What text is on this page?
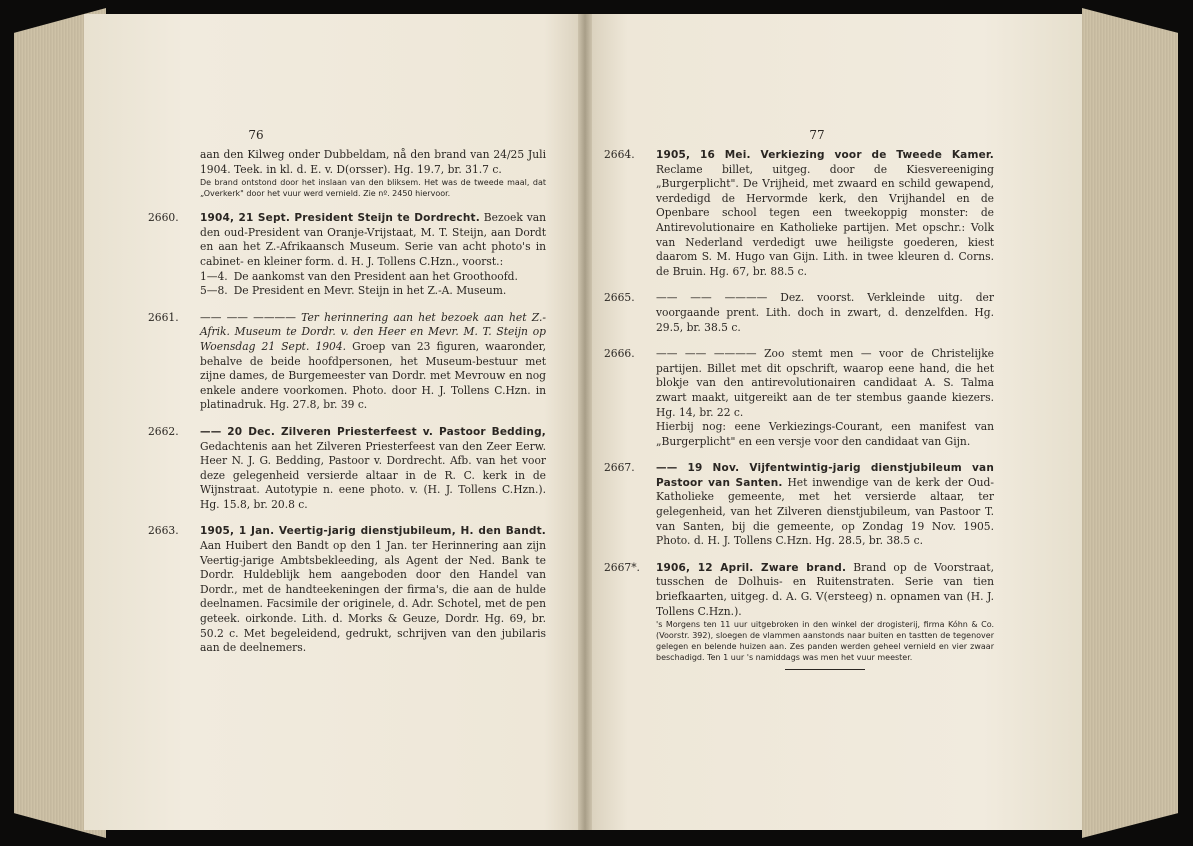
76	77

aan den Kilweg onder Dubbeldam, nå den brand van 24/25 Juli 1904. Teek. in kl. d. E. v. D(orsser). Hg. 19.7, br. 31.7 c.

De brand ontstond door het inslaan van den bliksem. Het was de tweede maal, dat „Overkerk" door het vuur werd vernield. Zie nº. 2450 hiervoor.

2660. 1904, 21 Sept. President Steijn te Dordrecht. Bezoek van den oud-President van Oranje-Vrijstaat, M. T. Steijn, aan Dordt en aan het Z.-Afrikaansch Museum. Serie van acht photo's in cabinet- en kleiner form. d. H. J. Tollens C.Hzn., voorst.:

1—4. De aankomst van den President aan het Groothoofd.
5—8. De President en Mevr. Steijn in het Z.-A. Museum.
2661. —— —— ———— Ter herinnering aan het bezoek aan het Z.-Afrik. Museum te Dordr. v. den Heer en Mevr. M. T. Steijn op Woensdag 21 Sept. 1904. Groep van 23 figuren, waaronder, behalve de beide hoofdpersonen, het Museum-bestuur met zijne dames, de Burgemeester van Dordr. met Mevrouw en nog enkele andere voorkomen. Photo. door H. J. Tollens C.Hzn. in platinadruk. Hg. 27.8, br. 39 c.

2662. —— 20 Dec. Zilveren Priesterfeest v. Pastoor Bedding, Gedachtenis aan het Zilveren Priesterfeest van den Zeer Eerw. Heer N. J. G. Bedding, Pastoor v. Dordrecht. Afb. van het voor deze gelegenheid versierde altaar in de R. C. kerk in de Wijnstraat. Autotypie n. eene photo. v. (H. J. Tollens C.Hzn.). Hg. 15.8, br. 20.8 c.

2663. 1905, 1 Jan. Veertig-jarig dienstjubileum, H. den Bandt. Aan Huibert den Bandt op den 1 Jan. ter Herinnering aan zijn Veertig-jarige Ambtsbekleeding, als Agent der Ned. Bank te Dordr. Huldeblijk hem aangeboden door den Handel van Dordr., met de handteekeningen der firma's, die aan de hulde deelnamen. Facsimile der originele, d. Adr. Schotel, met de pen geteek. oirkonde. Lith. d. Morks & Geuze, Dordr. Hg. 69, br. 50.2 c. Met begeleidend, gedrukt, schrijven van den jubilaris aan de deelnemers.

2664. 1905, 16 Mei. Verkiezing voor de Tweede Kamer. Reclame billet, uitgeg. door de Kiesvereeniging „Burgerplicht". De Vrijheid, met zwaard en schild gewapend, verdedigd de Hervormde kerk, den Vrijhandel en de Openbare school tegen een tweekoppig monster: de Antirevolutionaire en Katholieke partijen. Met opschr.: Volk van Nederland verdedigt uwe heiligste goederen, kiest daarom S. M. Hugo van Gijn. Lith. in twee kleuren d. Corns. de Bruin. Hg. 67, br. 88.5 c.

2665. —— —— ———— Dez. voorst. Verkleinde uitg. der voorgaande prent. Lith. doch in zwart, d. denzelfden. Hg. 29.5, br. 38.5 c.

2666. —— —— ———— Zoo stemt men — voor de Christelijke partijen. Billet met dit opschrift, waarop eene hand, die het blokje van den antirevolutionairen candidaat A. S. Talma zwart maakt, uitgereikt aan de ter stembus gaande kiezers. Hg. 14, br. 22 c.

Hierbij nog: eene Verkiezings-Courant, een manifest van „Burgerplicht" en een versje voor den candidaat van Gijn.

2667. —— 19 Nov. Vijfentwintig-jarig dienstjubileum van Pastoor van Santen. Het inwendige van de kerk der Oud-Katholieke gemeente, met het versierde altaar, ter gelegenheid, van het Zilveren dienstjubileum, van Pastoor T. van Santen, bij die gemeente, op Zondag 19 Nov. 1905. Photo. d. H. J. Tollens C.Hzn. Hg. 28.5, br. 38.5 c.

2667*. 1906, 12 April. Zware brand. Brand op de Voorstraat, tusschen de Dolhuis- en Ruitenstraten. Serie van tien briefkaarten, uitgeg. d. A. G. V(ersteeg) n. opnamen van (H. J. Tollens C.Hzn.).

's Morgens ten 11 uur uitgebroken in den winkel der drogisterij, firma Kóhn & Co. (Voorstr. 392), sloegen de vlammen aanstonds naar buiten en tastten de tegenover gelegen en belende huizen aan. Zes panden werden geheel vernield en vier zwaar beschadigd. Ten 1 uur 's namiddags was men het vuur meester.
